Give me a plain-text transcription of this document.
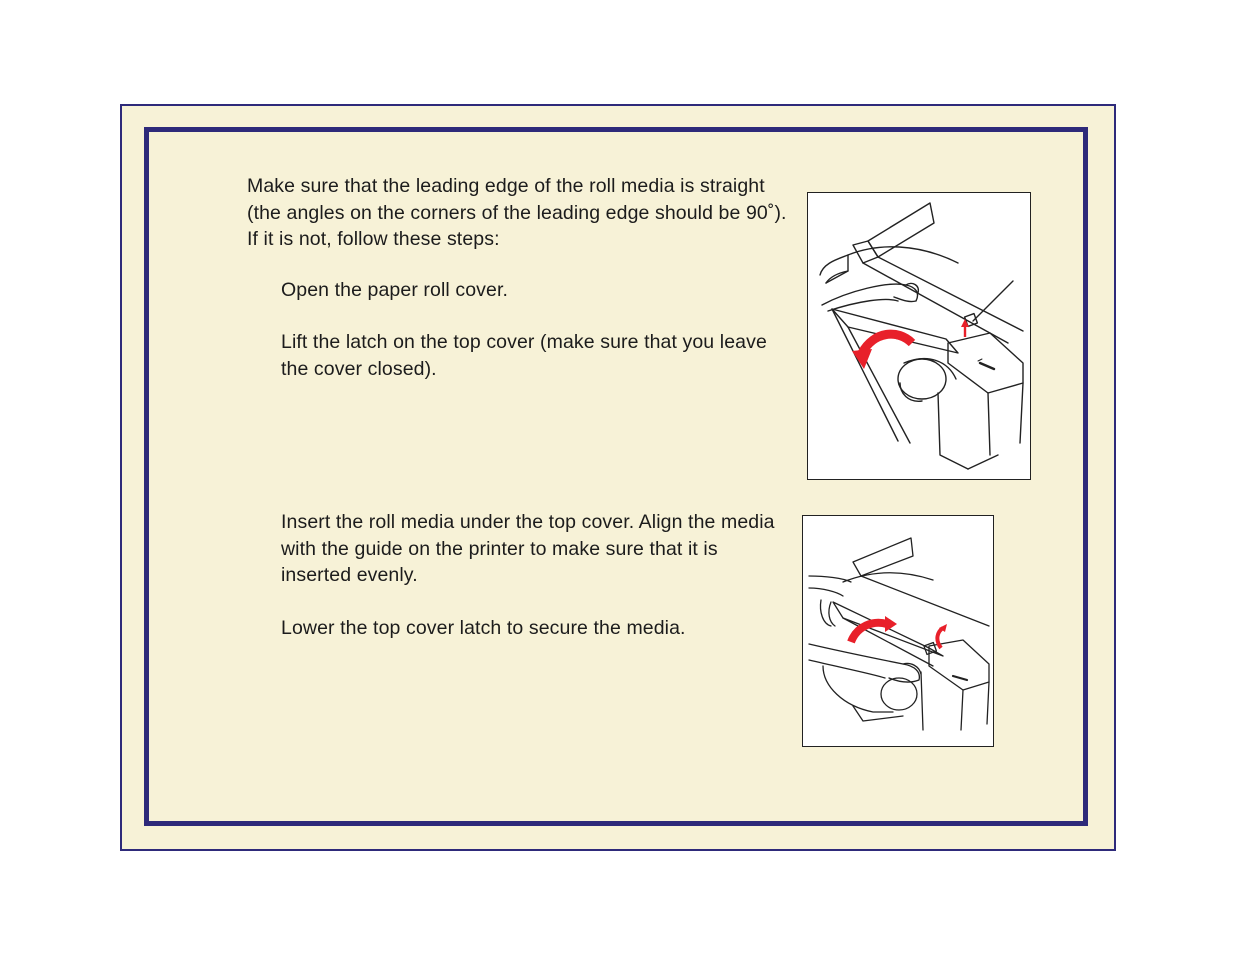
Make sure that the leading edge of the roll media is straight (the angles on the corners of the leading edge should be 90˚). If it is not, follow these steps:

Open the paper roll cover.

Lift the latch on the top cover (make sure that you leave the cover closed).

Insert the roll media under the top cover. Align the media with the guide on the printer to make sure that it is inserted evenly.

Lower the top cover latch to secure the media.
